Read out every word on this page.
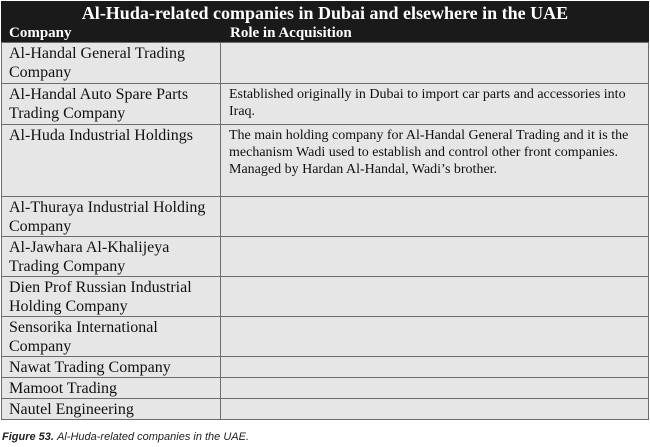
Al-Huda-related companies in Dubai and elsewhere in the UAE
Company	Role in Acquisition
Al-Handal General Trading Company	
Al-Handal Auto Spare Parts Trading Company	Established originally in Dubai to import car parts and accessories into Iraq.

Al-Huda Industrial Holdings	The main holding company for Al-Handal General Trading and it is the mechanism Wadi used to establish and control other front companies.
Managed by Hardan Al-Handal, Wadi’s brother.

Al-Thuraya Industrial Holding Company	
Al-Jawhara Al-Khalijeya Trading Company	
Dien Prof Russian Industrial Holding Company	
Sensorika International Company	
Nawat Trading Company	
Mamoot Trading	
Nautel Engineering	
Figure 53. Al-Huda-related companies in the UAE.
